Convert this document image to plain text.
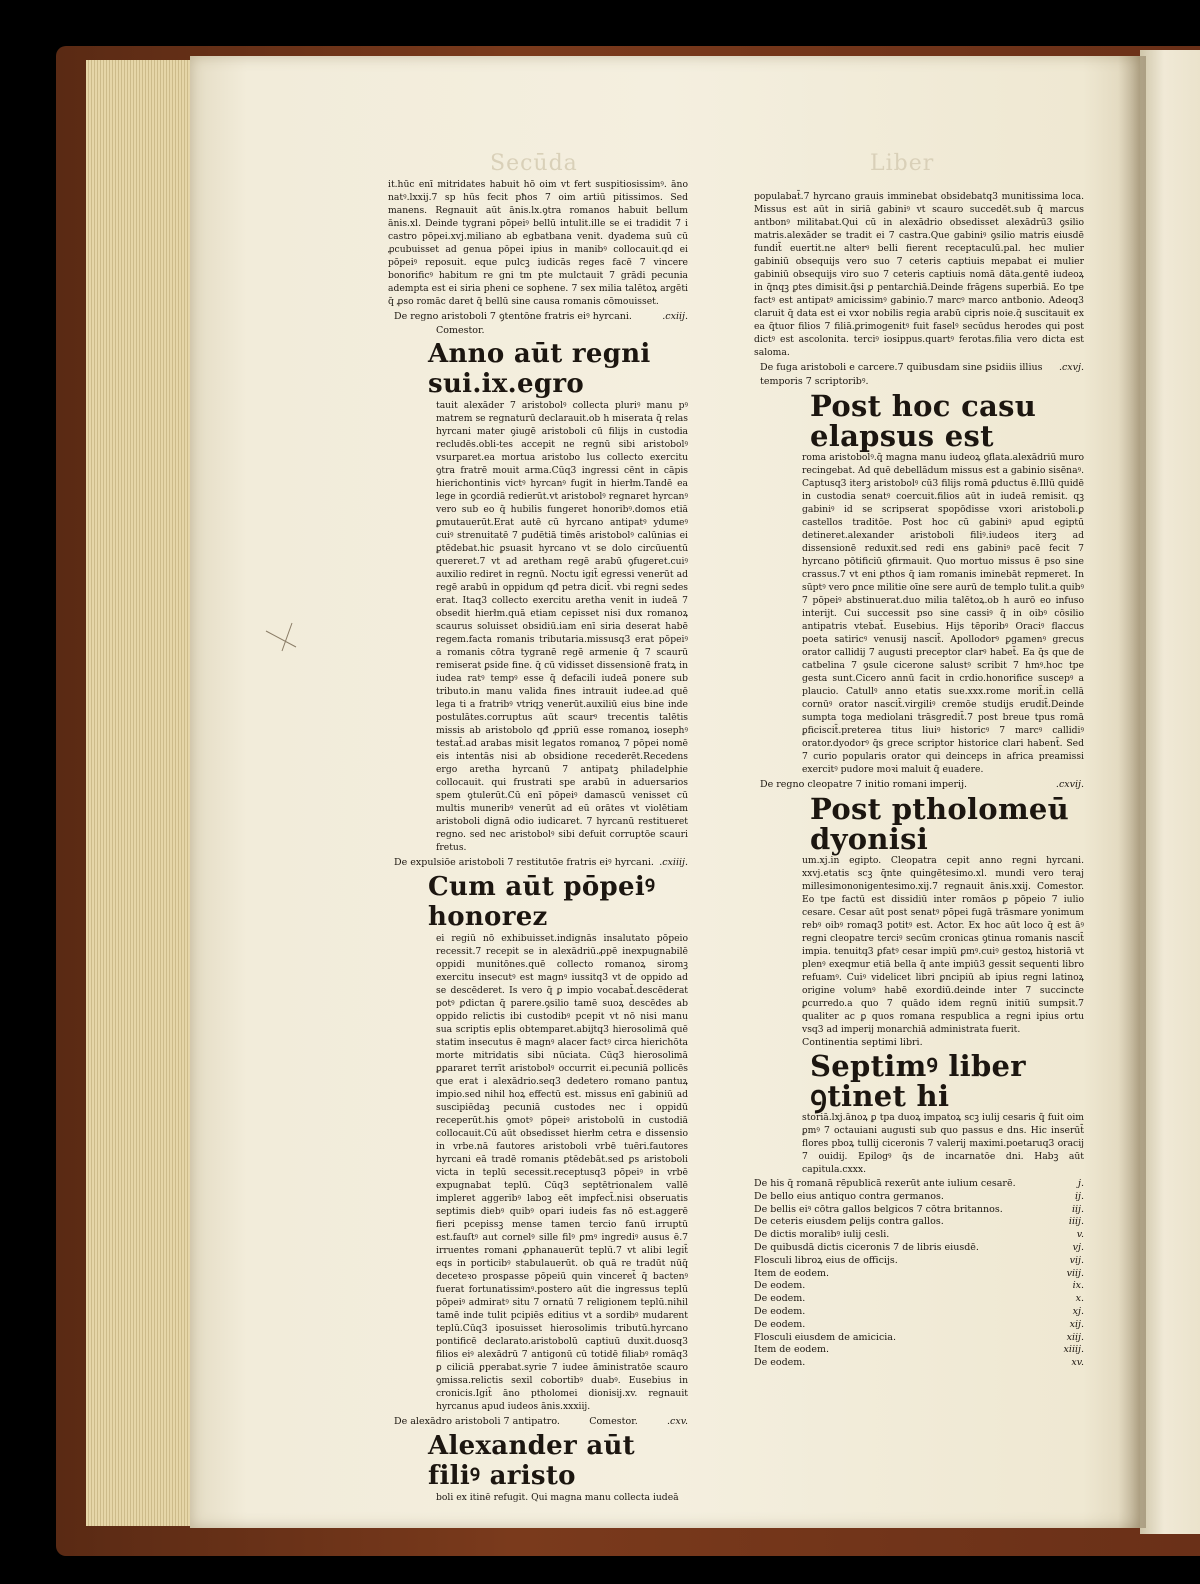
Secūda	Liber

it.hūc enī mitridates habuit hō oim vt fert suspitiosissimꝰ. āno natꝰ.lxxij.7 sp hūs fecit pħos 7 oim artiū pitissimos. Sed manens. Regnauit aūt ānis.lx.ꝯtra romanos habuit bellum ānis.xl. Deinde tygrani pōpeiꝰ bellū intulit.ille se ei tradidit 7 i castro pōpei.xvj.miliano ab egbatbana venit. dyadema suū cū ꝓcubuisset ad genua pōpei ipius in manibꝰ collocauit.qd ei pōpeiꝰ reposuit. eque pulcꝫ iudicās reges facē 7 vincere bonorificꝰ habitum re gni tm pte mulctauit 7 grādi pecunia adempta est ei siria pheni ce sophene. 7 sex milia talētoꝝ argēti q̄ ꝓso romāc daret q̄ bellū sine causa romanis cōmouisset.

De regno aristoboli 7 ꝯtentōne fratris eiꝰ hyrcani.	.cxiij.
Comestor.
Anno aūt regni sui.ix.egro

tauit alexāder 7 aristobolꝰ collecta pluriꝰ manu pꝰ matrem se regnaturū declarauit.ob h miserata q̄ relas hyrcani mater ꝯiugē aristoboli cū filijs in custodia recludēs.obli-tes accepit ne regnū sibi aristobolꝰ vsurparet.ea mortua aristobo lus collecto exercitu ꝯtra fratrē mouit arma.Cūq3 ingressi cēnt in cāpis hierichontinis victꝰ hyrcanꝰ fugit in hierłm.Tandē ea lege in ꝯcordiā redierūt.vt aristobolꝰ regnaret hyrcanꝰ vero sub eo q̄ hubilis fungeret honoribꝰ.domos etiā ꝑmutauerūt.Erat autē cū hyrcano antipatꝰ ydumeꝰ cuiꝰ strenuitatē 7 ꝑudētiā timēs aristobolꝰ calūnias ei ꝑtēdebat.hic ꝑsuasit hyrcano vt se dolo circūuentū quereret.7 vt ad aretham regē arabū ꝯfugeret.cuiꝰ auxilio rediret in regnū. Noctu igit̄ egressi venerūt ad regē arabū in oppidum qđ petra dicit̄. vbi regni sedes erat. Itaq3 collecto exercitu aretha venit in iudeā 7 obsedit hierłm.quā etiam cepisset nisi dux romanoꝝ scaurus soluisset obsidiū.iam enī siria deserat habē regem.facta romanis tributaria.missusq3 erat pōpeiꝰ a romanis cōtra tygranē regē armenie q̄ 7 scaurū remiserat ꝑside fine. q̄ cū vidisset dissensionē fratꝝ in iudea ratꝰ tempꝰ esse q̄ defacili iudeā ponere sub tributo.in manu valida fines intrauit iudee.ad quē lega ti a fratribꝰ vtriqꝫ venerūt.auxiliū eius bine inde postulātes.corruptus aūt scaurꝰ trecentis talētis missis ab aristobolo qđ ꝓpriū esse romanoꝝ iosephꝰ testat̄.ad arabas misit legatos romanoꝝ 7 pōpei nomē eis intentās nisi ab obsidione recederēt.Recedens ergo aretha hyrcanū 7 antipatꝫ philadelphie collocauit. qui frustrati spe arabū in aduersarios spem ꝯtulerūt.Cū enī pōpeiꝰ damascū venisset cū multis muneribꝰ venerūt ad eū orātes vt violētiam aristoboli dignā odio iudicaret. 7 hyrcanū restitueret regno. sed nec aristobolꝰ sibi defuit corruptōe scauri fretus.

De expulsiōe aristoboli 7 restitutōe fratris eiꝰ hyrcani. .cxiiij.
Cum aūt pōpeiꝰ honorez

ei regiū nō exhibuisset.indignās insalutato pōpeio recessit.7 recepit se in alexādriū.ꝓpē inexpugnabilē oppidi munitōnes.quē collecto romanoꝝ siromꝫ exercitu insecutꝰ est magnꝰ iussitq3 vt de oppido ad se descēderet. Is vero q̄ ꝑ impio vocabat̄.descēderat potꝰ ꝑdictan q̄ parere.ꝯsilio tamē suoꝝ descēdes ab oppido relictis ibi custodibꝰ pcepit vt nō nisi manu sua scriptis eplis obtemparet.abijtq3 hierosolimā quē statim insecutus ē magnꝰ alacer factꝰ circa hierichōta morte mitridatis sibi nūciata. Cūq3 hierosolimā ꝑꝑararet terrīt aristobolꝰ occurrit ei.pecuniā pollicēs que erat i alexādrio.seq3 dedetero romano pantuꝝ impio.sed nihil hoꝝ effectū est. missus enī gabiniū ad suscipiēdaꝫ pecuniā custodes nec i oppidū receperūt.his ꝯmotꝰ pōpeiꝰ aristobolū in custodiā collocauit.Cū aūt obsedisset hierłm cetra e dissensio in vrbe.nā fautores aristoboli vrbē tuēri.fautores hyrcani eā tradē romanis ꝑtēdebāt.sed ꝑs aristoboli victa in teplū secessit.receptusq3 pōpeiꝰ in vrbē expugnabat teplū. Cūq3 septētrionalem vallē impleret aggeribꝰ laboꝫ eēt imꝑfect̄.nisi obseruatis septimis diebꝰ quibꝰ opari iudeis fas nō est.aggerē fieri pcepissꝫ mense tamen tercio fanū irruptū est.fauſtꝰ aut cornelꝰ sille filꝰ ꝑmꝰ ingrediꝰ ausus ē.7 irruentes romani ꝓphanauerūt teplū.7 vt alibi legit̄ eqs in porticibꝰ stabulauerūt. ob quā re tradūt nūq̄ deceteꝛo prosꝑasse pōpeiū quin vinceret̄ q̄ bactenꝰ fuerat fortunatissimꝰ.postero aūt die ingressus teplū pōpeiꝰ admiratꝰ situ 7 ornatū 7 religionem teplū.nihil tamē inde tulit pcipiēs editius vt a sordibꝰ mudarent teplū.Cūq3 iposuisset hierosolimis tributū.hyrcano pontificē declarato.aristobolū captiuū duxit.duosq3 filios eiꝰ alexādrū 7 antigonū cū totidē filiabꝰ romāq3 ꝑ ciliciā ꝑperabat.syrie 7 iudee āministratōe scauro ꝯmissa.relictis sexil cobortibꝰ duabꝰ. Eusebius in cronicis.Igit̄ āno ptholomei dionisij.xv. regnauit hyrcanus apud iudeos ānis.xxxiij.

De alexādro aristoboli 7 antipatro.	Comestor.	.cxv.
Alexander aūt filiꝰ aristo

boli ex itinē refugit. Qui magna manu collecta iudeā

populabat̄.7 hyrcano grauis imminebat obsidebatq3 munitissima loca. Missus est aūt in siriā gabiniꝰ vt scauro succedēt.sub q̄ marcus antbonꝰ militabat.Qui cū in alexādrio obsedisset alexādrū3 ꝯsilio matris.alexāder se tradit ei 7 castra.Que gabiniꝰ ꝯsilio matris eiusdē fundit̄ euertit.ne alterꝰ belli fierent receptaculū.pal. hec mulier gabiniū obsequijs vero suo 7 ceteris captiuis mepabat ei mulier gabiniū obsequijs viro suo 7 ceteris captiuis nomā dāta.gentē iudeoꝝ in q̄nqꝫ ꝑtes dimisit.q̄si ꝑ pentarchiā.Deinde frāgens superbiā. Eo tpe factꝰ est antipatꝰ amicissimꝰ gabinio.7 marcꝰ marco antbonio. Adeoq3 claruit q̄ data est ei vxor nobilis regia arabū cipris noie.q̄ suscitauit ex ea q̄tuor filios 7 filiā.ꝑrimogenitꝰ fuit faselꝰ secūdus herodes qui post dictꝰ est ascolonita. terciꝰ iosippus.quartꝰ ferotas.filia vero dicta est saloma.

De fuga aristoboli e carcere.7 quibusdam sine ꝑsidiis illius temporis 7 scriptoribꝰ.
.cxvj.
Post hoc casu elapsus est

roma aristobolꝰ.q̄ magna manu iudeoꝝ ꝯflata.alexādriū muro recingebat. Ad quē debellādum missus est a gabinio sisēnaꝰ. Captusq3 iterꝫ aristobolꝰ cū3 filijs romā ꝑductus ē.Illū quidē in custodia senatꝰ coercuit.filios aūt in iudeā remisit. qꝫ gabiniꝰ id se scripserat spopōdisse vxori aristoboli.ꝑ castellos traditōe. Post hoc cū gabiniꝰ apud egiptū detineret.alexander aristoboli filiꝰ.iudeos iterꝫ ad dissensionē reduxit.sed redi ens gabiniꝰ pacē fecit 7 hyrcano pōtificiū ꝯfirmauit. Quo mortuo missus ē pso sine crassus.7 vt eni ꝑthos q̄ iam romanis iminebāt repmeret. In sūptꝰ vero ꝑnce militie oīne sere aurū de templo tulit.a quibꝰ 7 pōpeiꝰ abstinuerat.duo milia talētoꝝ.ob h aurō eo infuso interijt. Cui successit pso sine cassiꝰ q̄ in oibꝰ cōsilio antipatris vtebat̄. Eusebius. Hijs tēporibꝰ Oraciꝰ flaccus poeta satiricꝰ venusij nascit̄. Apollodorꝰ ꝑgamenꝰ grecus orator callidij 7 augusti preceptor clarꝰ habet̄. Ea q̄s que de catbelina 7 ꝯsule cicerone salustꝰ scribit 7 hmꝰ.hoc tpe gesta sunt.Cicero annū facit in crdio.honorifice suscepꝰ a plaucio. Catullꝰ anno etatis sue.xxx.rome morit̄.in cellā cornūꝰ orator nascit̄.virgiliꝰ cremōe studijs erudit̄.Deinde sumpta toga mediolani trāsgredit̄.7 post breue tpus romā ꝑficiscit̄.preterea titus liuiꝰ historicꝰ 7 marcꝰ callidiꝰ orator.dyodorꝰ q̄s grece scriptor historice clari habent̄. Sed 7 curio popularis orator qui deinceps in africa preamissi exercitꝰ pudore moꝛi maluit q̄ euadere.

De regno cleopatre 7 initio romani imperij.	.cxvij.
Post ptholomeū dyonisi

um.xj.in egipto. Cleopatra cepit anno regni hyrcani. xxvj.etatis scꝫ q̄nte quingētesimo.xl. mundi vero teraj millesimononigentesimo.xij.7 regnauit ānis.xxij. Comestor. Eo tpe factū est dissidiū inter romāos ꝑ pōpeio 7 iulio cesare. Cesar aūt post senatꝰ pōpei fugā trāsmare yonimum rebꝰ oibꝰ romaq3 potitꝰ est. Actor. Ex hoc aūt loco q̄ est āꝰ regni cleopatre terciꝰ secūm cronicas ꝯtinua romanis nascit̄ impia. tenuitq3 ꝑfatꝰ cesar impiū ꝑmꝰ.cuiꝰ gestoꝝ historiā vt plenꝰ exeqmur etiā bella q̄ ante impiū3 gessit sequenti libro refuamꝰ. Cuiꝰ videlicet libri ꝑncipiū ab ipius regni latinoꝝ origine volumꝰ habē exordiū.deinde inter 7 succincte ꝑcurredo.a quo 7 quādo idem regnū initiū sumpsit.7 qualiter ac ꝑ quos romana respublica a regni ipius ortu vsq3 ad imperij monarchiā administrata fuerit.

Continentia septimi libri.
Septimꝰ liber ꝯtinet hi

storiā.lxj.ānoꝝ ꝑ tpa duoꝝ impatoꝝ scꝫ iulij cesaris q̄ fuit oim ꝑmꝰ 7 octauiani augusti sub quo passus e dns. Hic inserūt̄ flores pboꝝ tullij ciceronis 7 valerij maximi.poetaruq3 oracij 7 ouidij. Epilogꝰ q̄s de incarnatōe dni. Habꝫ aūt capitula.cxxx.

De his q̄ romanā rēpublicā rexerūt ante iulium cesarē.	j.
De bello eius antiquo contra germanos.	ij.
De bellis eiꝰ cōtra gallos belgicos 7 cōtra britannos.	iij.
De ceteris eiusdem ꝑelijs contra gallos.	iiij.
De dictis moralibꝰ iulij cesli.	v.
De quibusdā dictis ciceronis 7 de libris eiusdē.	vj.
Flosculi libroꝝ eius de officijs.	vij.
Item de eodem.	viij.
De eodem.	ix.
De eodem.	x.
De eodem.	xj.
De eodem.	xij.
Flosculi eiusdem de amicicia.	xiij.
Item de eodem.	xiiij.
De eodem.	xv.
